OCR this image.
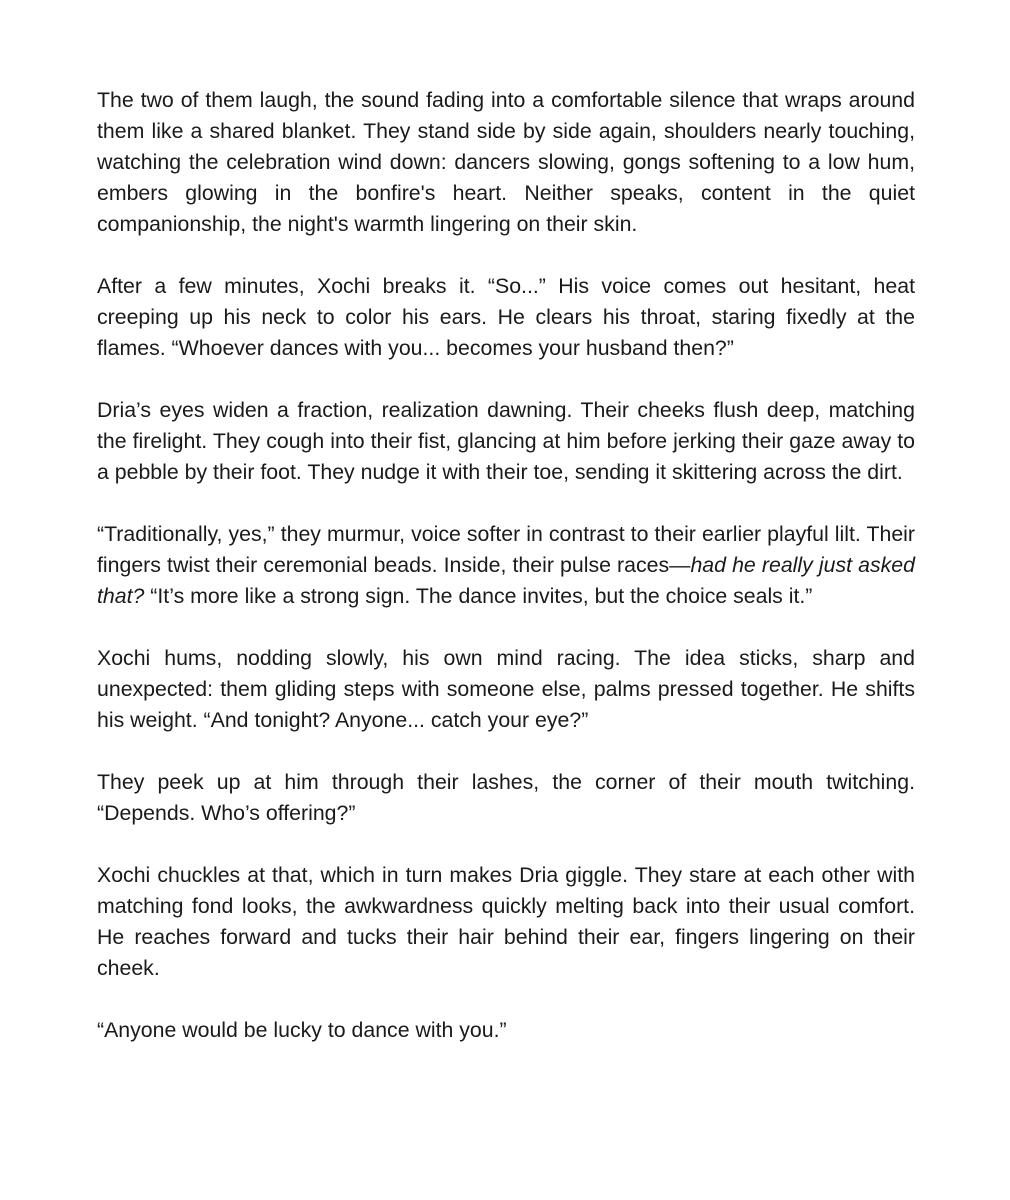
The two of them laugh, the sound fading into a comfortable silence that wraps around them like a shared blanket. They stand side by side again, shoulders nearly touching, watching the celebration wind down: dancers slowing, gongs softening to a low hum, embers glowing in the bonfire's heart. Neither speaks, content in the quiet companionship, the night's warmth lingering on their skin.

After a few minutes, Xochi breaks it. “So...” His voice comes out hesitant, heat creeping up his neck to color his ears. He clears his throat, staring fixedly at the flames. “Whoever dances with you... becomes your husband then?”

Dria’s eyes widen a fraction, realization dawning. Their cheeks flush deep, matching the firelight. They cough into their fist, glancing at him before jerking their gaze away to a pebble by their foot. They nudge it with their toe, sending it skittering across the dirt.

“Traditionally, yes,” they murmur, voice softer in contrast to their earlier playful lilt. Their fingers twist their ceremonial beads. Inside, their pulse races—had he really just asked that? “It’s more like a strong sign. The dance invites, but the choice seals it.”

Xochi hums, nodding slowly, his own mind racing. The idea sticks, sharp and unexpected: them gliding steps with someone else, palms pressed together. He shifts his weight. “And tonight? Anyone... catch your eye?”

They peek up at him through their lashes, the corner of their mouth twitching. “Depends. Who’s offering?”

Xochi chuckles at that, which in turn makes Dria giggle. They stare at each other with matching fond looks, the awkwardness quickly melting back into their usual comfort. He reaches forward and tucks their hair behind their ear, fingers lingering on their cheek.

“Anyone would be lucky to dance with you.”
